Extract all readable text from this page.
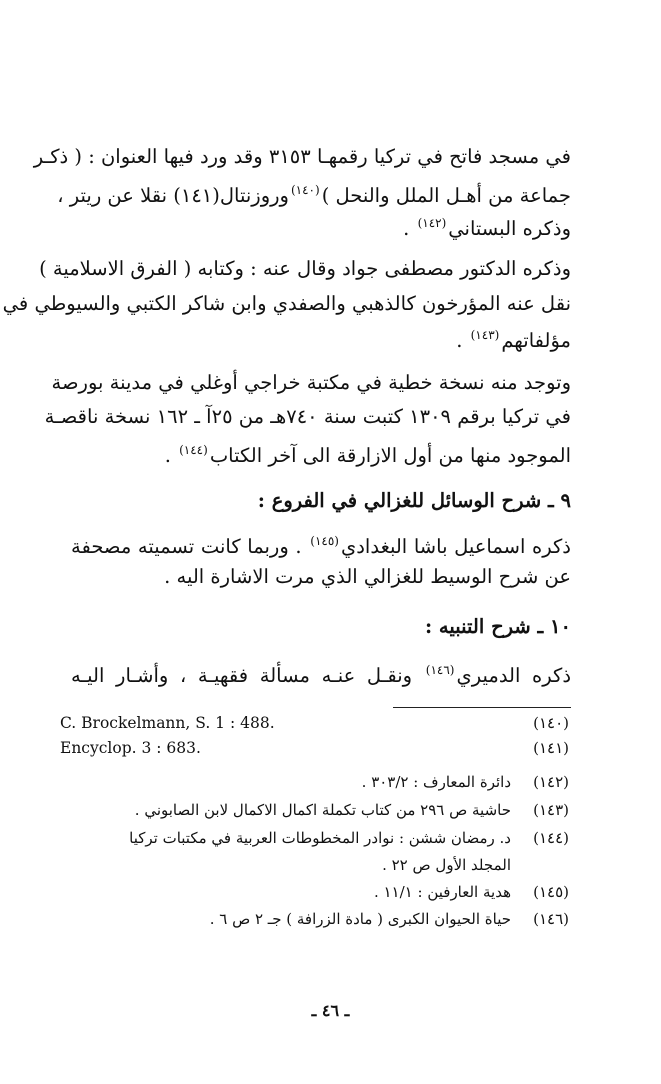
في مسجد فاتح في تركيا رقمهـا ٣١٥٣ وقد ورد فيها العنوان : ( ذكـر
جماعة من أهـل الملل والنحل )$^{(١٤٠)}$وروزنتال(١٤١) نقلا عن ريتر ،
وذكره البستاني$^{(١٤٢)}$ .
وذكره الدكتور مصطفى جواد وقال عنه : وكتابه ( الفرق الاسلامية )
نقل عنه المؤرخون كالذهبي والصفدي وابن شاكر الكتبي والسيوطي في
مؤلفاتهم$^{(١٤٣)}$ .
وتوجد منه نسخة خطية في مكتبة خراجي أوغلي في مدينة بورصة
في تركيا برقم ١٣٠٩ كتبت سنة ٧٤٠هـ من ٢٥آ ـ ١٦٢ نسخة ناقصـة
الموجود منها من أول الازارقة الى آخر الكتاب$^{(١٤٤)}$ .
٩ ـ شرح الوسائل للغزالي في الفروع :
ذكره اسماعيل باشا البغدادي$^{(١٤٥)}$ . وربما كانت تسميته مصحفة
عن شرح الوسيط للغزالي الذي مرت الاشارة اليه .
١٠ ـ شرح التنبيه :
ذكره الدميري$^{(١٤٦)}$ ونقـل عنـه مسألة فقهيـة ، وأشـار اليـه
(١٤٠)
C. Brockelmann, S. 1 : 488.
(١٤١)
Encyclop. 3 : 683.
(١٤٢)
دائرة المعارف : ٣٠٣/٢ .
(١٤٣)
حاشية ص ٢٩٦ من كتاب تكملة اكمال الاكمال لابن الصابوني .
(١٤٤)
د. رمضان ششن : نوادر المخطوطات العربية في مكتبات تركيا
المجلد الأول ص ٢٢ .
(١٤٥)
هدية العارفين : ١١/١ .
(١٤٦)
حياة الحيوان الكبرى ( مادة الزرافة ) جـ ٢ ص ٦ .
ـ ٤٦ ـ
